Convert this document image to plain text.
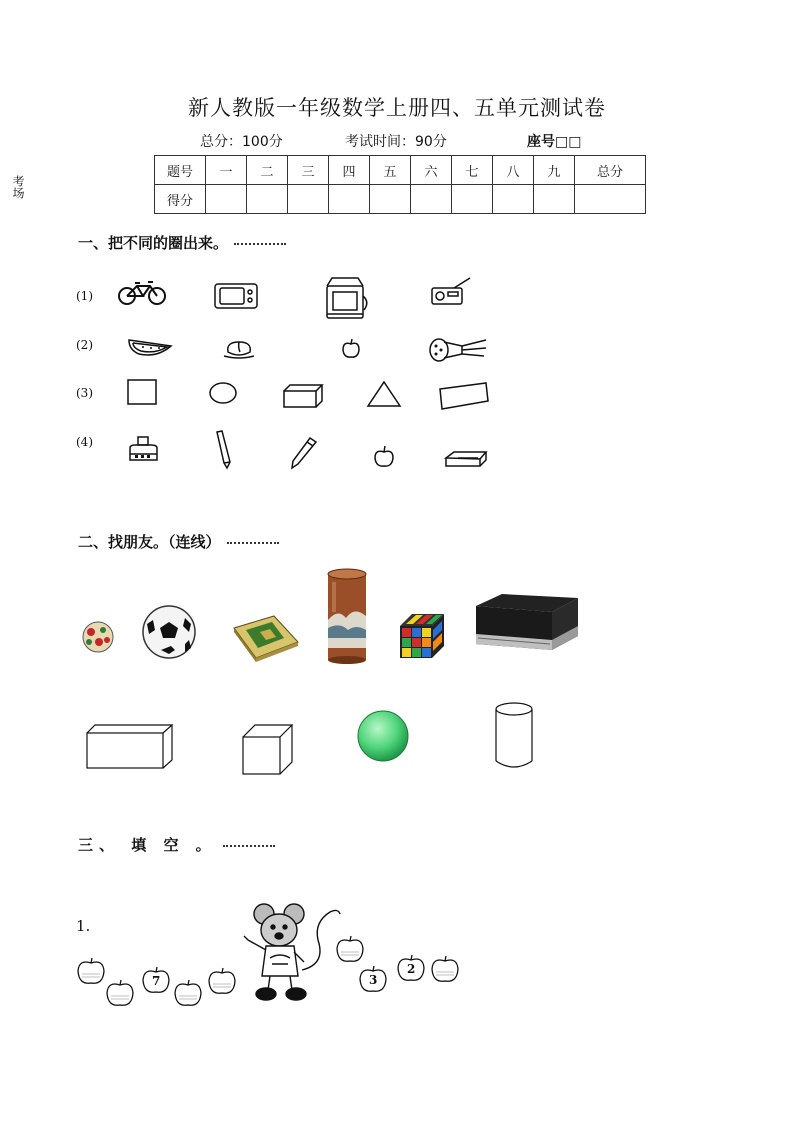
新人教版一年级数学上册四、五单元测试卷
总分：100分	考试时间：90分	座号□□
考场
题号	一	二	三	四	五	六	七	八	九	总分
得分										
一、把不同的圈出来。
(1)
(2)
(3)
(4)
二、找朋友。（连线）
三、 填 空 。
1.
7	3
2
